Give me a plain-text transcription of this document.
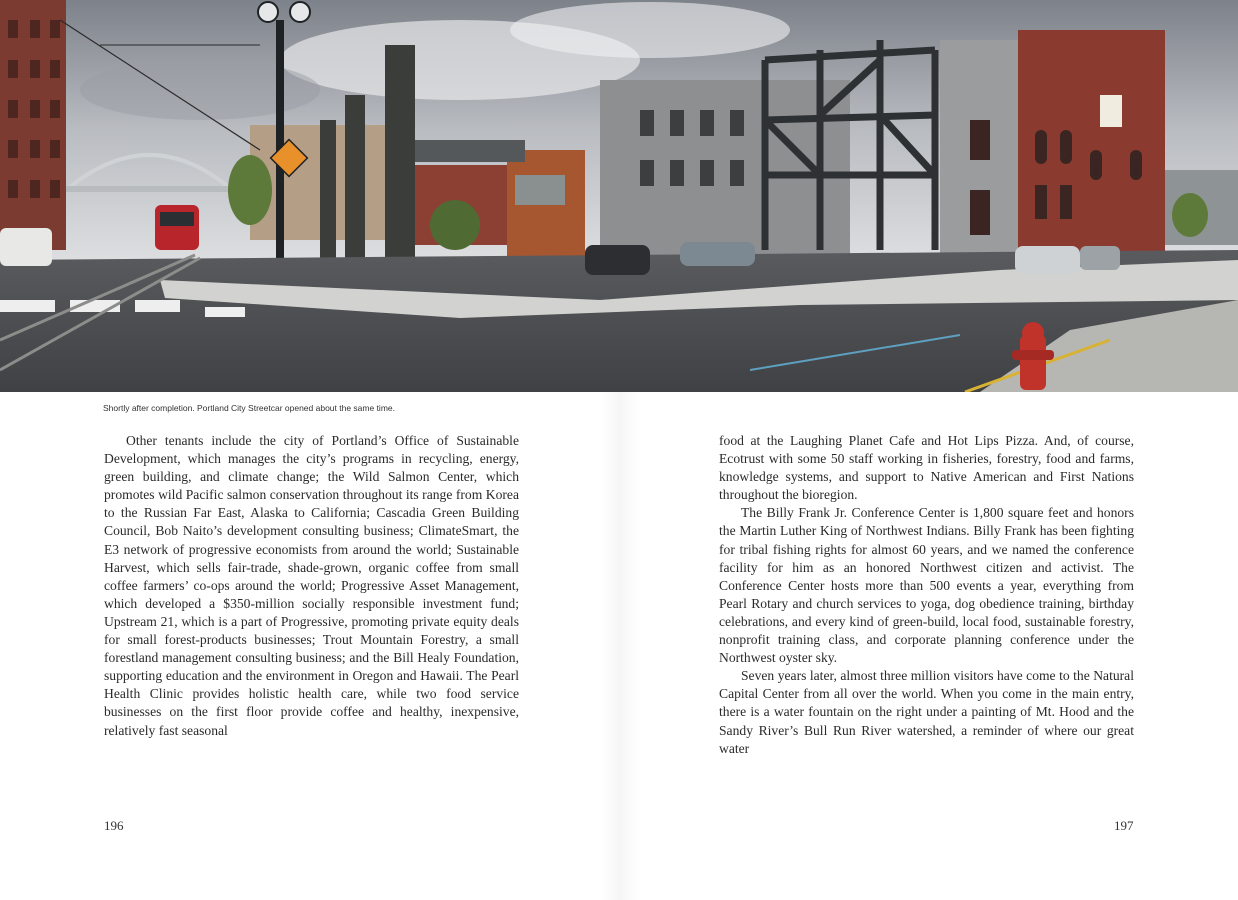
Shortly after completion. Portland City Streetcar opened about the same time.

Other tenants include the city of Portland’s Office of Sustainable Development, which manages the city’s programs in recycling, energy, green building, and climate change; the Wild Salmon Center, which promotes wild Pacific salmon conservation throughout its range from Korea to the Russian Far East, Alaska to California; Cascadia Green Building Council, Bob Naito’s development consulting business; ClimateSmart, the E3 network of progressive economists from around the world; Sustainable Harvest, which sells fair-trade, shade-grown, organic coffee from small coffee farmers’ co-ops around the world; Progressive Asset Management, which developed a $350-million socially responsible investment fund; Upstream 21, which is a part of Progressive, promoting private equity deals for small forest-products businesses; Trout Mountain Forestry, a small forestland management consulting business; and the Bill Healy Foundation, supporting education and the environment in Oregon and Hawaii. The Pearl Health Clinic provides holistic health care, while two food service businesses on the first floor provide coffee and healthy, inexpensive, relatively fast seasonal

food at the Laughing Planet Cafe and Hot Lips Pizza. And, of course, Ecotrust with some 50 staff working in fisheries, forestry, food and farms, knowledge systems, and support to Native American and First Nations throughout the bioregion.

The Billy Frank Jr. Conference Center is 1,800 square feet and honors the Martin Luther King of Northwest Indians. Billy Frank has been fighting for tribal fishing rights for almost 60 years, and we named the conference facility for him as an honored Northwest citizen and activist. The Conference Center hosts more than 500 events a year, everything from Pearl Rotary and church services to yoga, dog obedience training, birthday celebrations, and every kind of green-build, local food, sustainable forestry, nonprofit training class, and corporate planning conference under the Northwest oyster sky.

Seven years later, almost three million visitors have come to the Natural Capital Center from all over the world. When you come in the main entry, there is a water fountain on the right under a painting of Mt. Hood and the Sandy River’s Bull Run River watershed, a reminder of where our great water

196	197
